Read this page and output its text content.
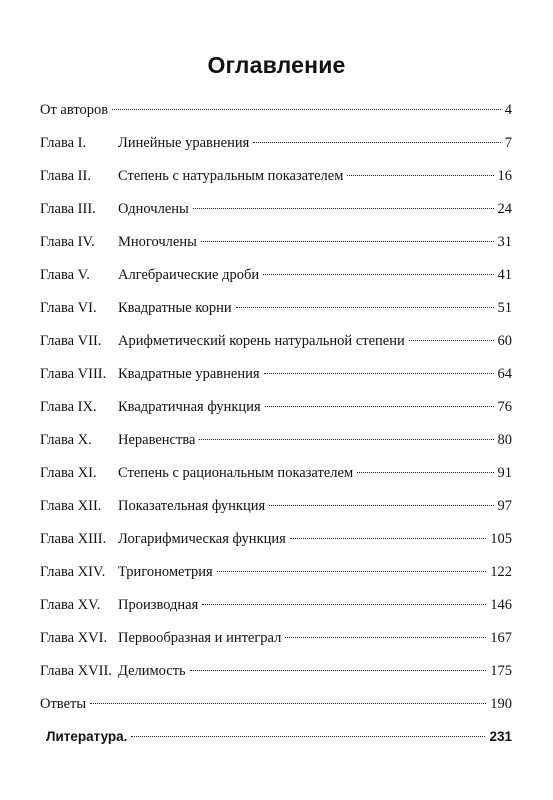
Оглавление
От авторов	4
Глава I.	Линейные уравнения	7
Глава II.	Степень с натуральным показателем	16
Глава III.	Одночлены	24
Глава IV.	Многочлены	31
Глава V.	Алгебраические дроби	41
Глава VI.	Квадратные корни	51
Глава VII.	Арифметический корень натуральной степени	60
Глава VIII. Квадратные уравнения	64
Глава IX.	Квадратичная функция	76
Глава X.	Неравенства	80
Глава XI.	Степень с рациональным показателем	91
Глава XII.	Показательная функция	97
Глава XIII. Логарифмическая функция	105
Глава XIV. Тригонометрия	122
Глава XV.	Производная	146
Глава XVI. Первообразная и интеграл	167
Глава XVII. Делимость	175
Ответы	190
Литература.	231
